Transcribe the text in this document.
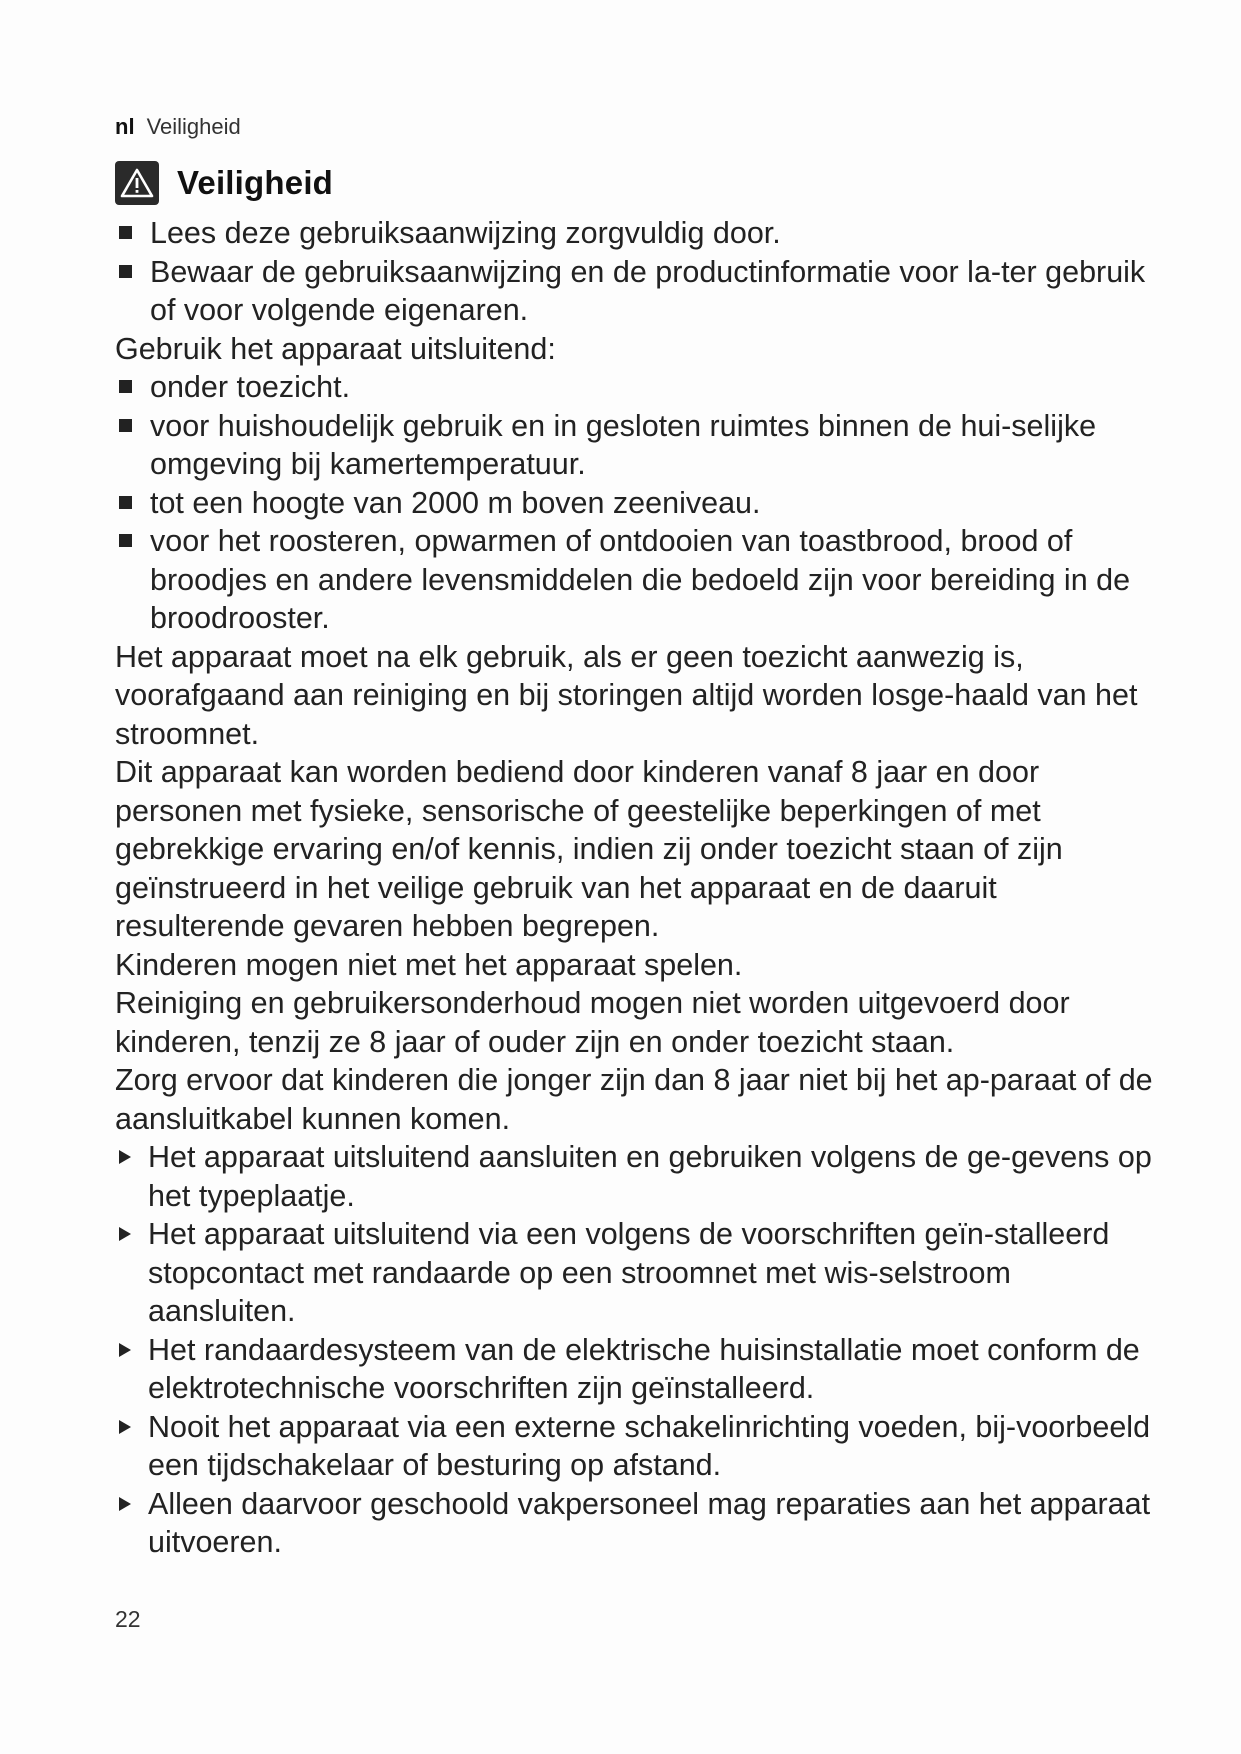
nl Veiligheid
Veiligheid
Lees deze gebruiksaanwijzing zorgvuldig door.
Bewaar de gebruiksaanwijzing en de productinformatie voor la-ter gebruik of voor volgende eigenaren.

Gebruik het apparaat uitsluitend:

onder toezicht.
voor huishoudelijk gebruik en in gesloten ruimtes binnen de hui-selijke omgeving bij kamertemperatuur.
tot een hoogte van 2000 m boven zeeniveau.
voor het roosteren, opwarmen of ontdooien van toastbrood, brood of broodjes en andere levensmiddelen die bedoeld zijn voor bereiding in de broodrooster.

Het apparaat moet na elk gebruik, als er geen toezicht aanwezig is, voorafgaand aan reiniging en bij storingen altijd worden losge-haald van het stroomnet.

Dit apparaat kan worden bediend door kinderen vanaf 8 jaar en door personen met fysieke, sensorische of geestelijke beperkingen of met gebrekkige ervaring en/of kennis, indien zij onder toezicht staan of zijn geïnstrueerd in het veilige gebruik van het apparaat en de daaruit resulterende gevaren hebben begrepen.

Kinderen mogen niet met het apparaat spelen.

Reiniging en gebruikersonderhoud mogen niet worden uitgevoerd door kinderen, tenzij ze 8 jaar of ouder zijn en onder toezicht staan.

Zorg ervoor dat kinderen die jonger zijn dan 8 jaar niet bij het ap-paraat of de aansluitkabel kunnen komen.

Het apparaat uitsluitend aansluiten en gebruiken volgens de ge-gevens op het typeplaatje.
Het apparaat uitsluitend via een volgens de voorschriften geïn-stalleerd stopcontact met randaarde op een stroomnet met wis-selstroom aansluiten.
Het randaardesysteem van de elektrische huisinstallatie moet conform de elektrotechnische voorschriften zijn geïnstalleerd.
Nooit het apparaat via een externe schakelinrichting voeden, bij-voorbeeld een tijdschakelaar of besturing op afstand.
Alleen daarvoor geschoold vakpersoneel mag reparaties aan het apparaat uitvoeren.
22
